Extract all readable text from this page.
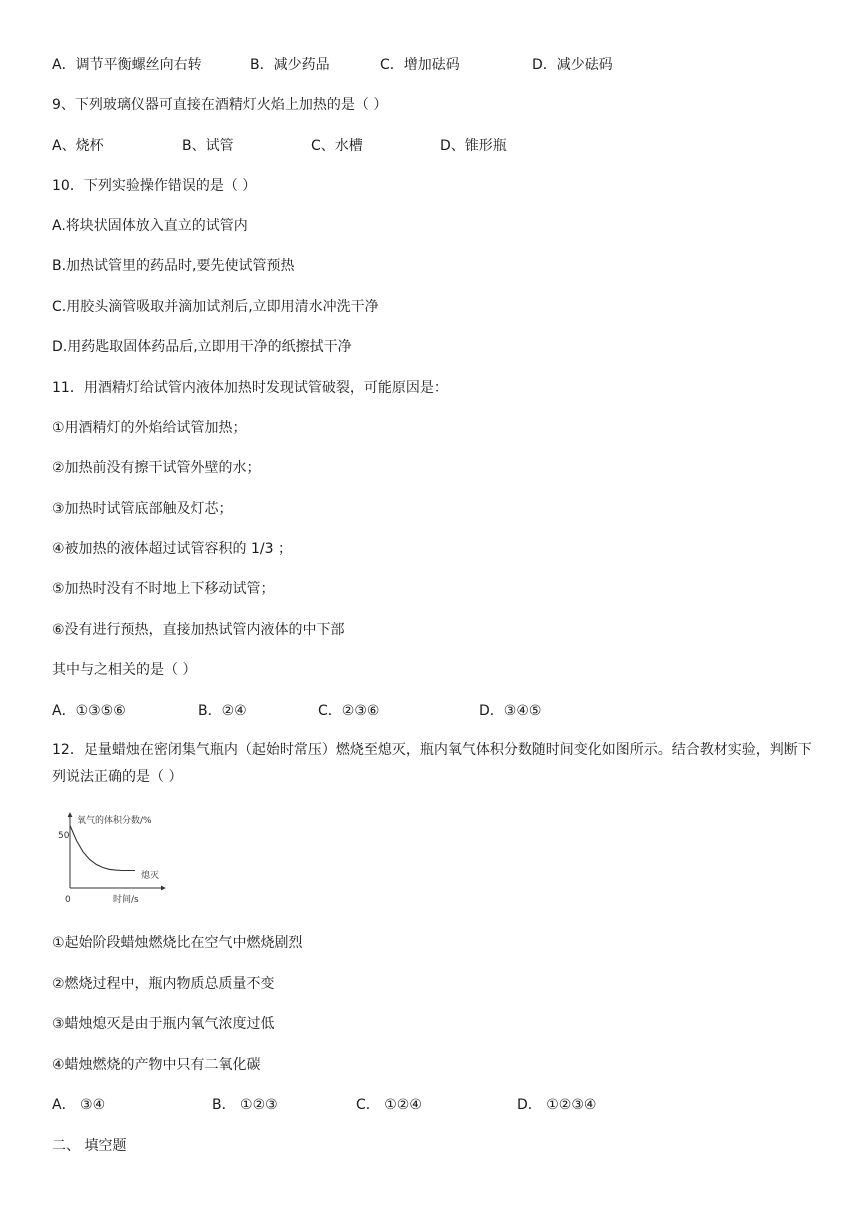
A．调节平衡螺丝向右转	B．减少药品	C．增加砝码	D．减少砝码
9、下列玻璃仪器可直接在酒精灯火焰上加热的是（ ）
A、烧杯	B、试管	C、水槽	D、锥形瓶
10．下列实验操作错误的是（ ）
A.将块状固体放入直立的试管内
B.加热试管里的药品时,要先使试管预热
C.用胶头滴管吸取并滴加试剂后,立即用清水冲洗干净
D.用药匙取固体药品后,立即用干净的纸擦拭干净
11．用酒精灯给试管内液体加热时发现试管破裂，可能原因是：
①用酒精灯的外焰给试管加热；
②加热前没有擦干试管外壁的水；
③加热时试管底部触及灯芯；
④被加热的液体超过试管容积的 1/3 ；
⑤加热时没有不时地上下移动试管；
⑥没有进行预热，直接加热试管内液体的中下部
其中与之相关的是（ ）
A．①③⑤⑥	B．②④	C．②③⑥	D．③④⑤
12．足量蜡烛在密闭集气瓶内（起始时常压）燃烧至熄灭，瓶内氧气体积分数随时间变化如图所示。结合教材实验，判断下列说法正确的是（ ）
氧气的体积分数/%
50
0	时间/s
熄灭
①起始阶段蜡烛燃烧比在空气中燃烧剧烈
②燃烧过程中，瓶内物质总质量不变
③蜡烛熄灭是由于瓶内氧气浓度过低
④蜡烛燃烧的产物中只有二氧化碳
A． ③④	B． ①②③	C． ①②④	D． ①②③④
二、 填空题
